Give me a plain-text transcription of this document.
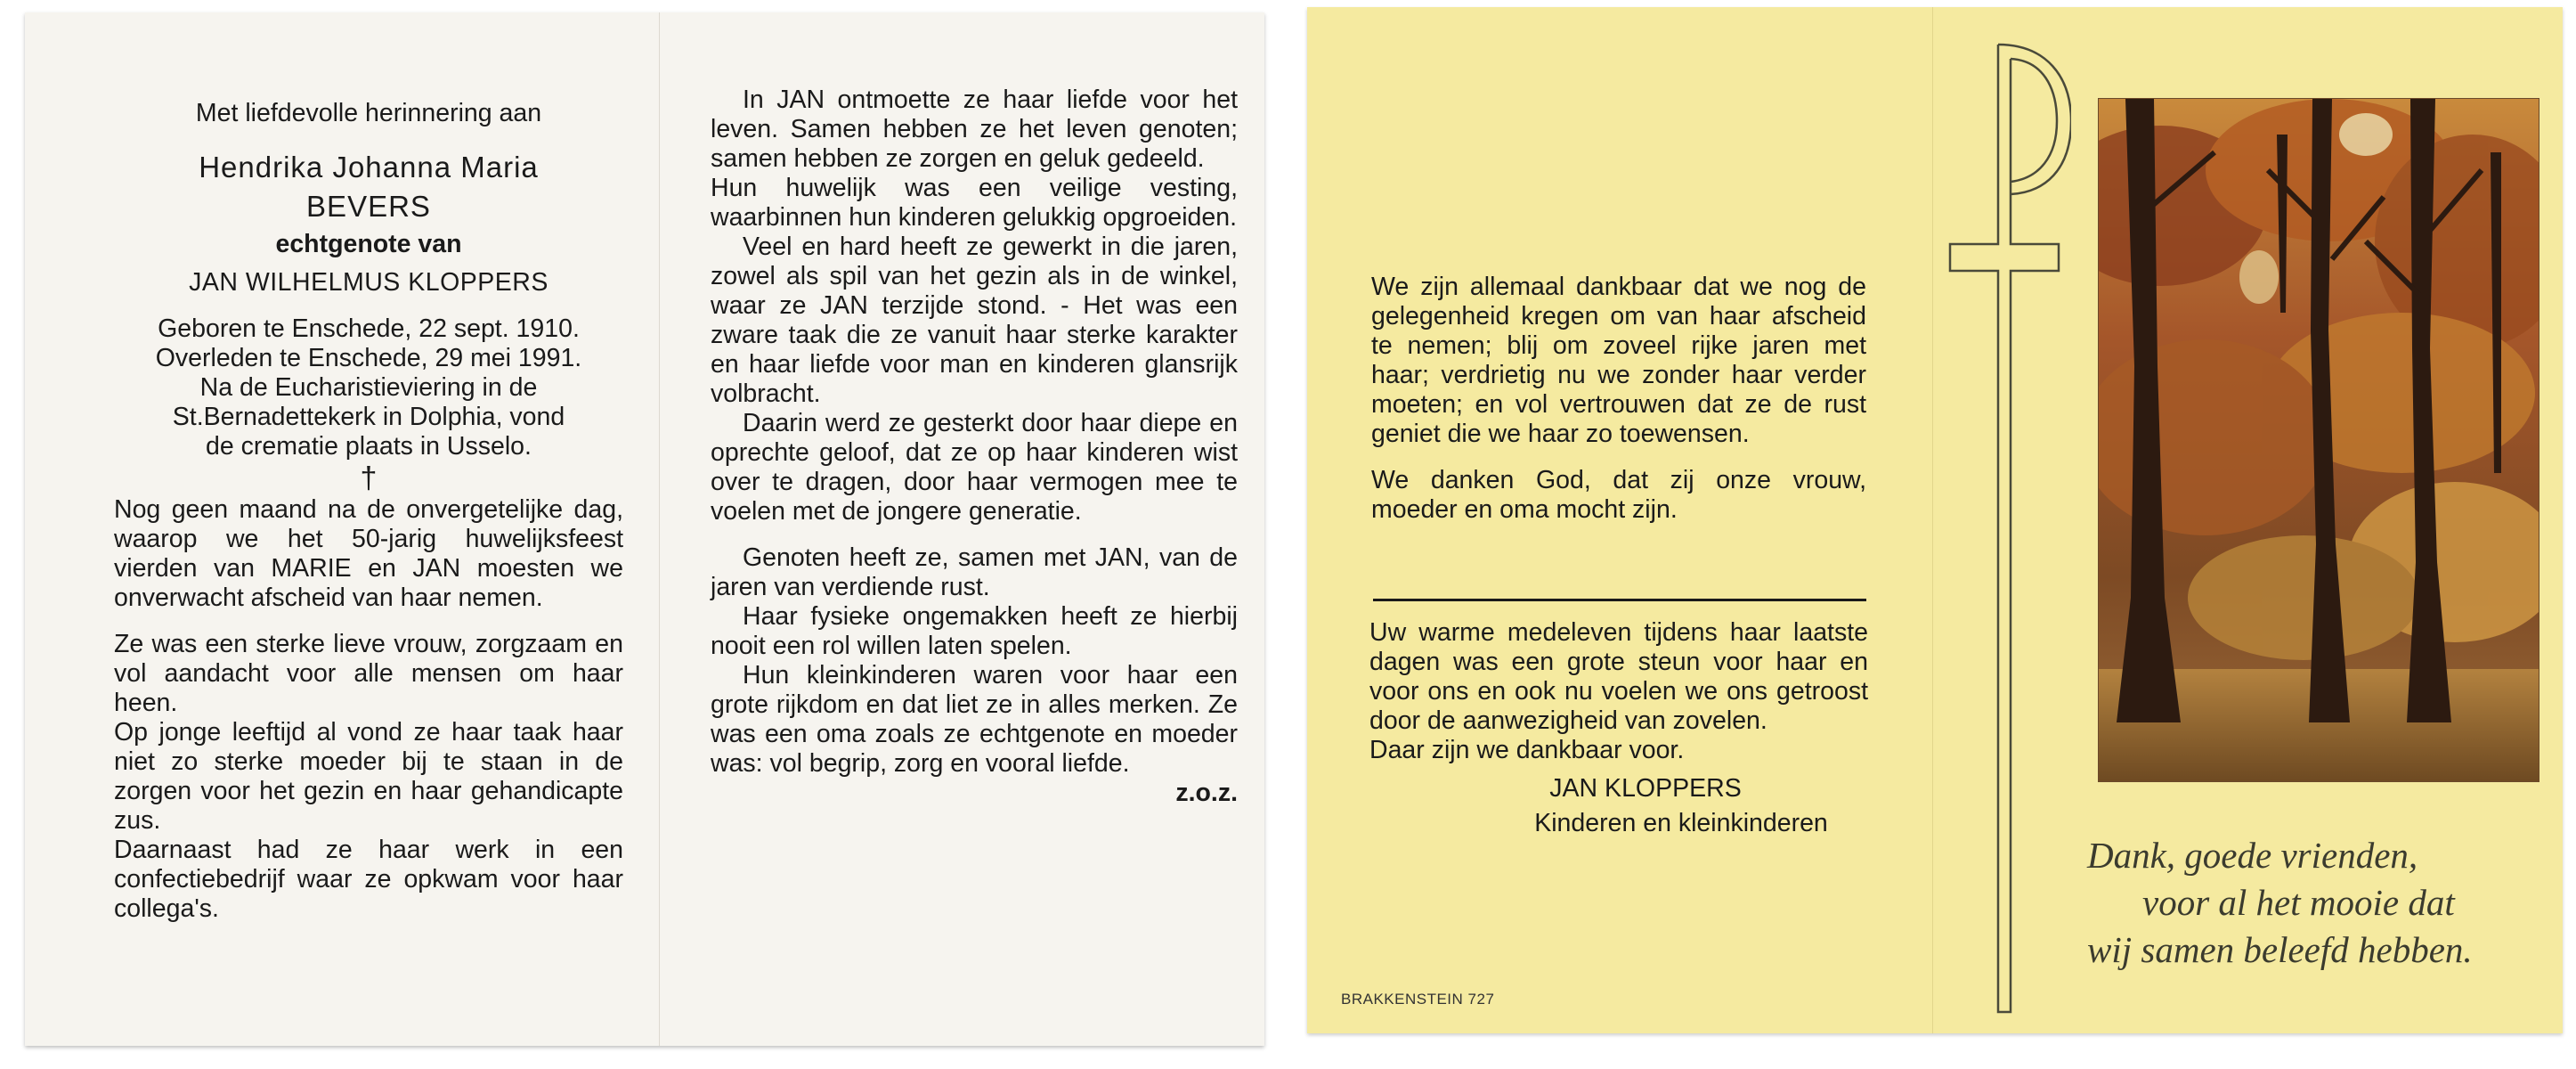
Met liefdevolle herinnering aan

Hendrika Johanna Maria

BEVERS

echtgenote van

JAN WILHELMUS KLOPPERS

Geboren te Enschede, 22 sept. 1910.

Overleden te Enschede, 29 mei 1991.

Na de Eucharistieviering in de

St.Bernadettekerk in Dolphia, vond

de crematie plaats in Usselo.

†

Nog geen maand na de onvergetelijke dag, waarop we het 50-jarig huwelijksfeest vierden van MARIE en JAN moesten we onverwacht afscheid van haar nemen.

Ze was een sterke lieve vrouw, zorgzaam en vol aandacht voor alle mensen om haar heen.

Op jonge leeftijd al vond ze haar taak haar niet zo sterke moeder bij te staan in de zorgen voor het gezin en haar gehandicapte zus.

Daarnaast had ze haar werk in een confectiebedrijf waar ze opkwam voor haar collega's.

In JAN ontmoette ze haar liefde voor het leven. Samen hebben ze het leven genoten; samen hebben ze zorgen en geluk gedeeld.

Hun huwelijk was een veilige vesting, waarbinnen hun kinderen gelukkig opgroeiden.

Veel en hard heeft ze gewerkt in die jaren, zowel als spil van het gezin als in de winkel, waar ze JAN terzijde stond. - Het was een zware taak die ze vanuit haar sterke karakter en haar liefde voor man en kinderen glansrijk volbracht.

Daarin werd ze gesterkt door haar diepe en oprechte geloof, dat ze op haar kinderen wist over te dragen, door haar vermogen mee te voelen met de jongere generatie.

Genoten heeft ze, samen met JAN, van de jaren van verdiende rust.

Haar fysieke ongemakken heeft ze hierbij nooit een rol willen laten spelen.

Hun kleinkinderen waren voor haar een grote rijkdom en dat liet ze in alles merken. Ze was een oma zoals ze echtgenote en moeder was: vol begrip, zorg en vooral liefde.

z.o.z.

We zijn allemaal dankbaar dat we nog de gelegenheid kregen om van haar afscheid te nemen; blij om zoveel rijke jaren met haar; verdrietig nu we zonder haar verder moeten; en vol vertrouwen dat ze de rust geniet die we haar zo toewensen.

We danken God, dat zij onze vrouw, moeder en oma mocht zijn.

Uw warme medeleven tijdens haar laatste dagen was een grote steun voor haar en voor ons en ook nu voelen we ons getroost door de aanwezigheid van zovelen.

Daar zijn we dankbaar voor.

JAN KLOPPERS

Kinderen en kleinkinderen

BRAKKENSTEIN 727
Dank, goede vrienden,
voor al het mooie dat
wij samen beleefd hebben.
